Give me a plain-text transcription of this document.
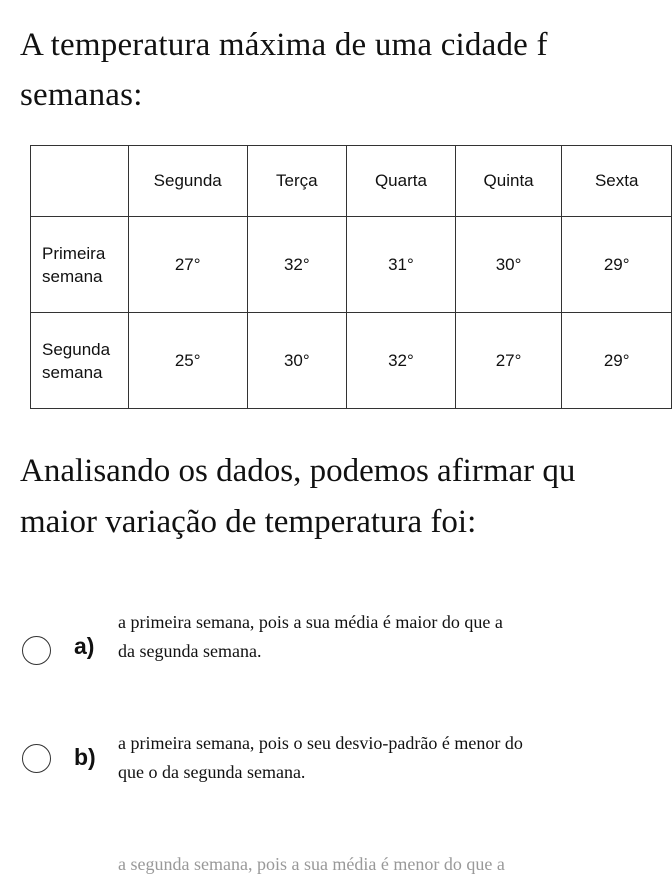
A temperatura máxima de uma cidade f
semanas:
	Segunda	Terça	Quarta	Quinta	Sexta

Primeira
semana	27°	32°	31°	30°	29°

Segunda
semana	25°	30°	32°	27°	29°
Analisando os dados, podemos afirmar qu
maior variação de temperatura foi:
a)
a primeira semana, pois a sua média é maior do que a
da segunda semana.
b)
a primeira semana, pois o seu desvio-padrão é menor do
que o da segunda semana.
a segunda semana, pois a sua média é menor do que a
